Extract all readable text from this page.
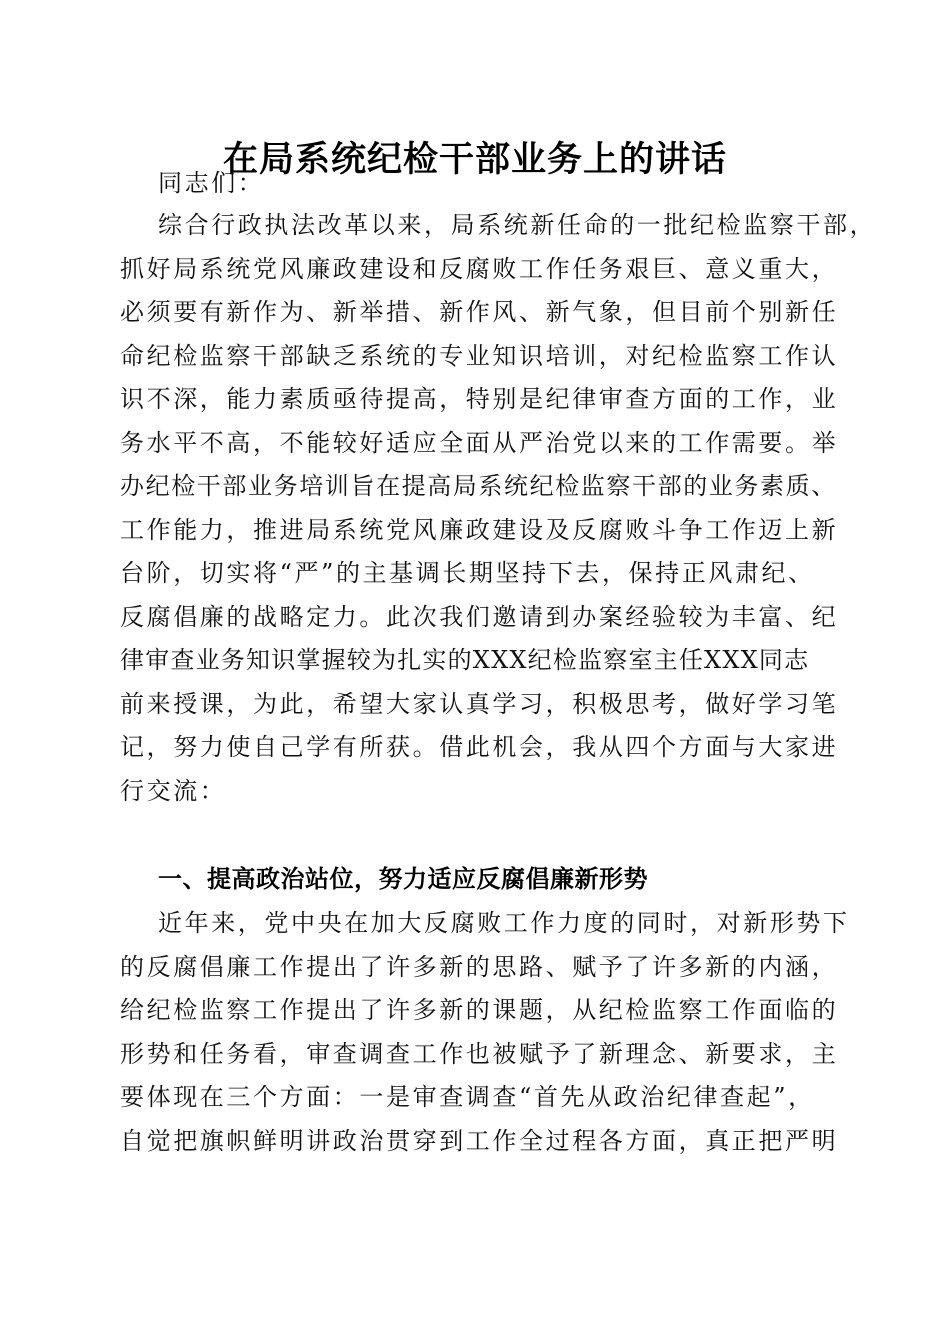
在局系统纪检干部业务上的讲话
同志们：
综合行政执法改革以来，局系统新任命的一批纪检监察干部，
抓好局系统党风廉政建设和反腐败工作任务艰巨、意义重大，
必须要有新作为、新举措、新作风、新气象，但目前个别新任
命纪检监察干部缺乏系统的专业知识培训，对纪检监察工作认
识不深，能力素质亟待提高，特别是纪律审查方面的工作，业
务水平不高，不能较好适应全面从严治党以来的工作需要。举
办纪检干部业务培训旨在提高局系统纪检监察干部的业务素质、
工作能力，推进局系统党风廉政建设及反腐败斗争工作迈上新
台阶，切实将“严”的主基调长期坚持下去，保持正风肃纪、
反腐倡廉的战略定力。此次我们邀请到办案经验较为丰富、纪
律审查业务知识掌握较为扎实的XXX纪检监察室主任XXX同志
前来授课，为此，希望大家认真学习，积极思考，做好学习笔
记，努力使自己学有所获。借此机会，我从四个方面与大家进
行交流：
一、提高政治站位，努力适应反腐倡廉新形势
近年来，党中央在加大反腐败工作力度的同时，对新形势下
的反腐倡廉工作提出了许多新的思路、赋予了许多新的内涵，
给纪检监察工作提出了许多新的课题，从纪检监察工作面临的
形势和任务看，审查调查工作也被赋予了新理念、新要求，主
要体现在三个方面：一是审查调查“首先从政治纪律查起”，
自觉把旗帜鲜明讲政治贯穿到工作全过程各方面，真正把严明
